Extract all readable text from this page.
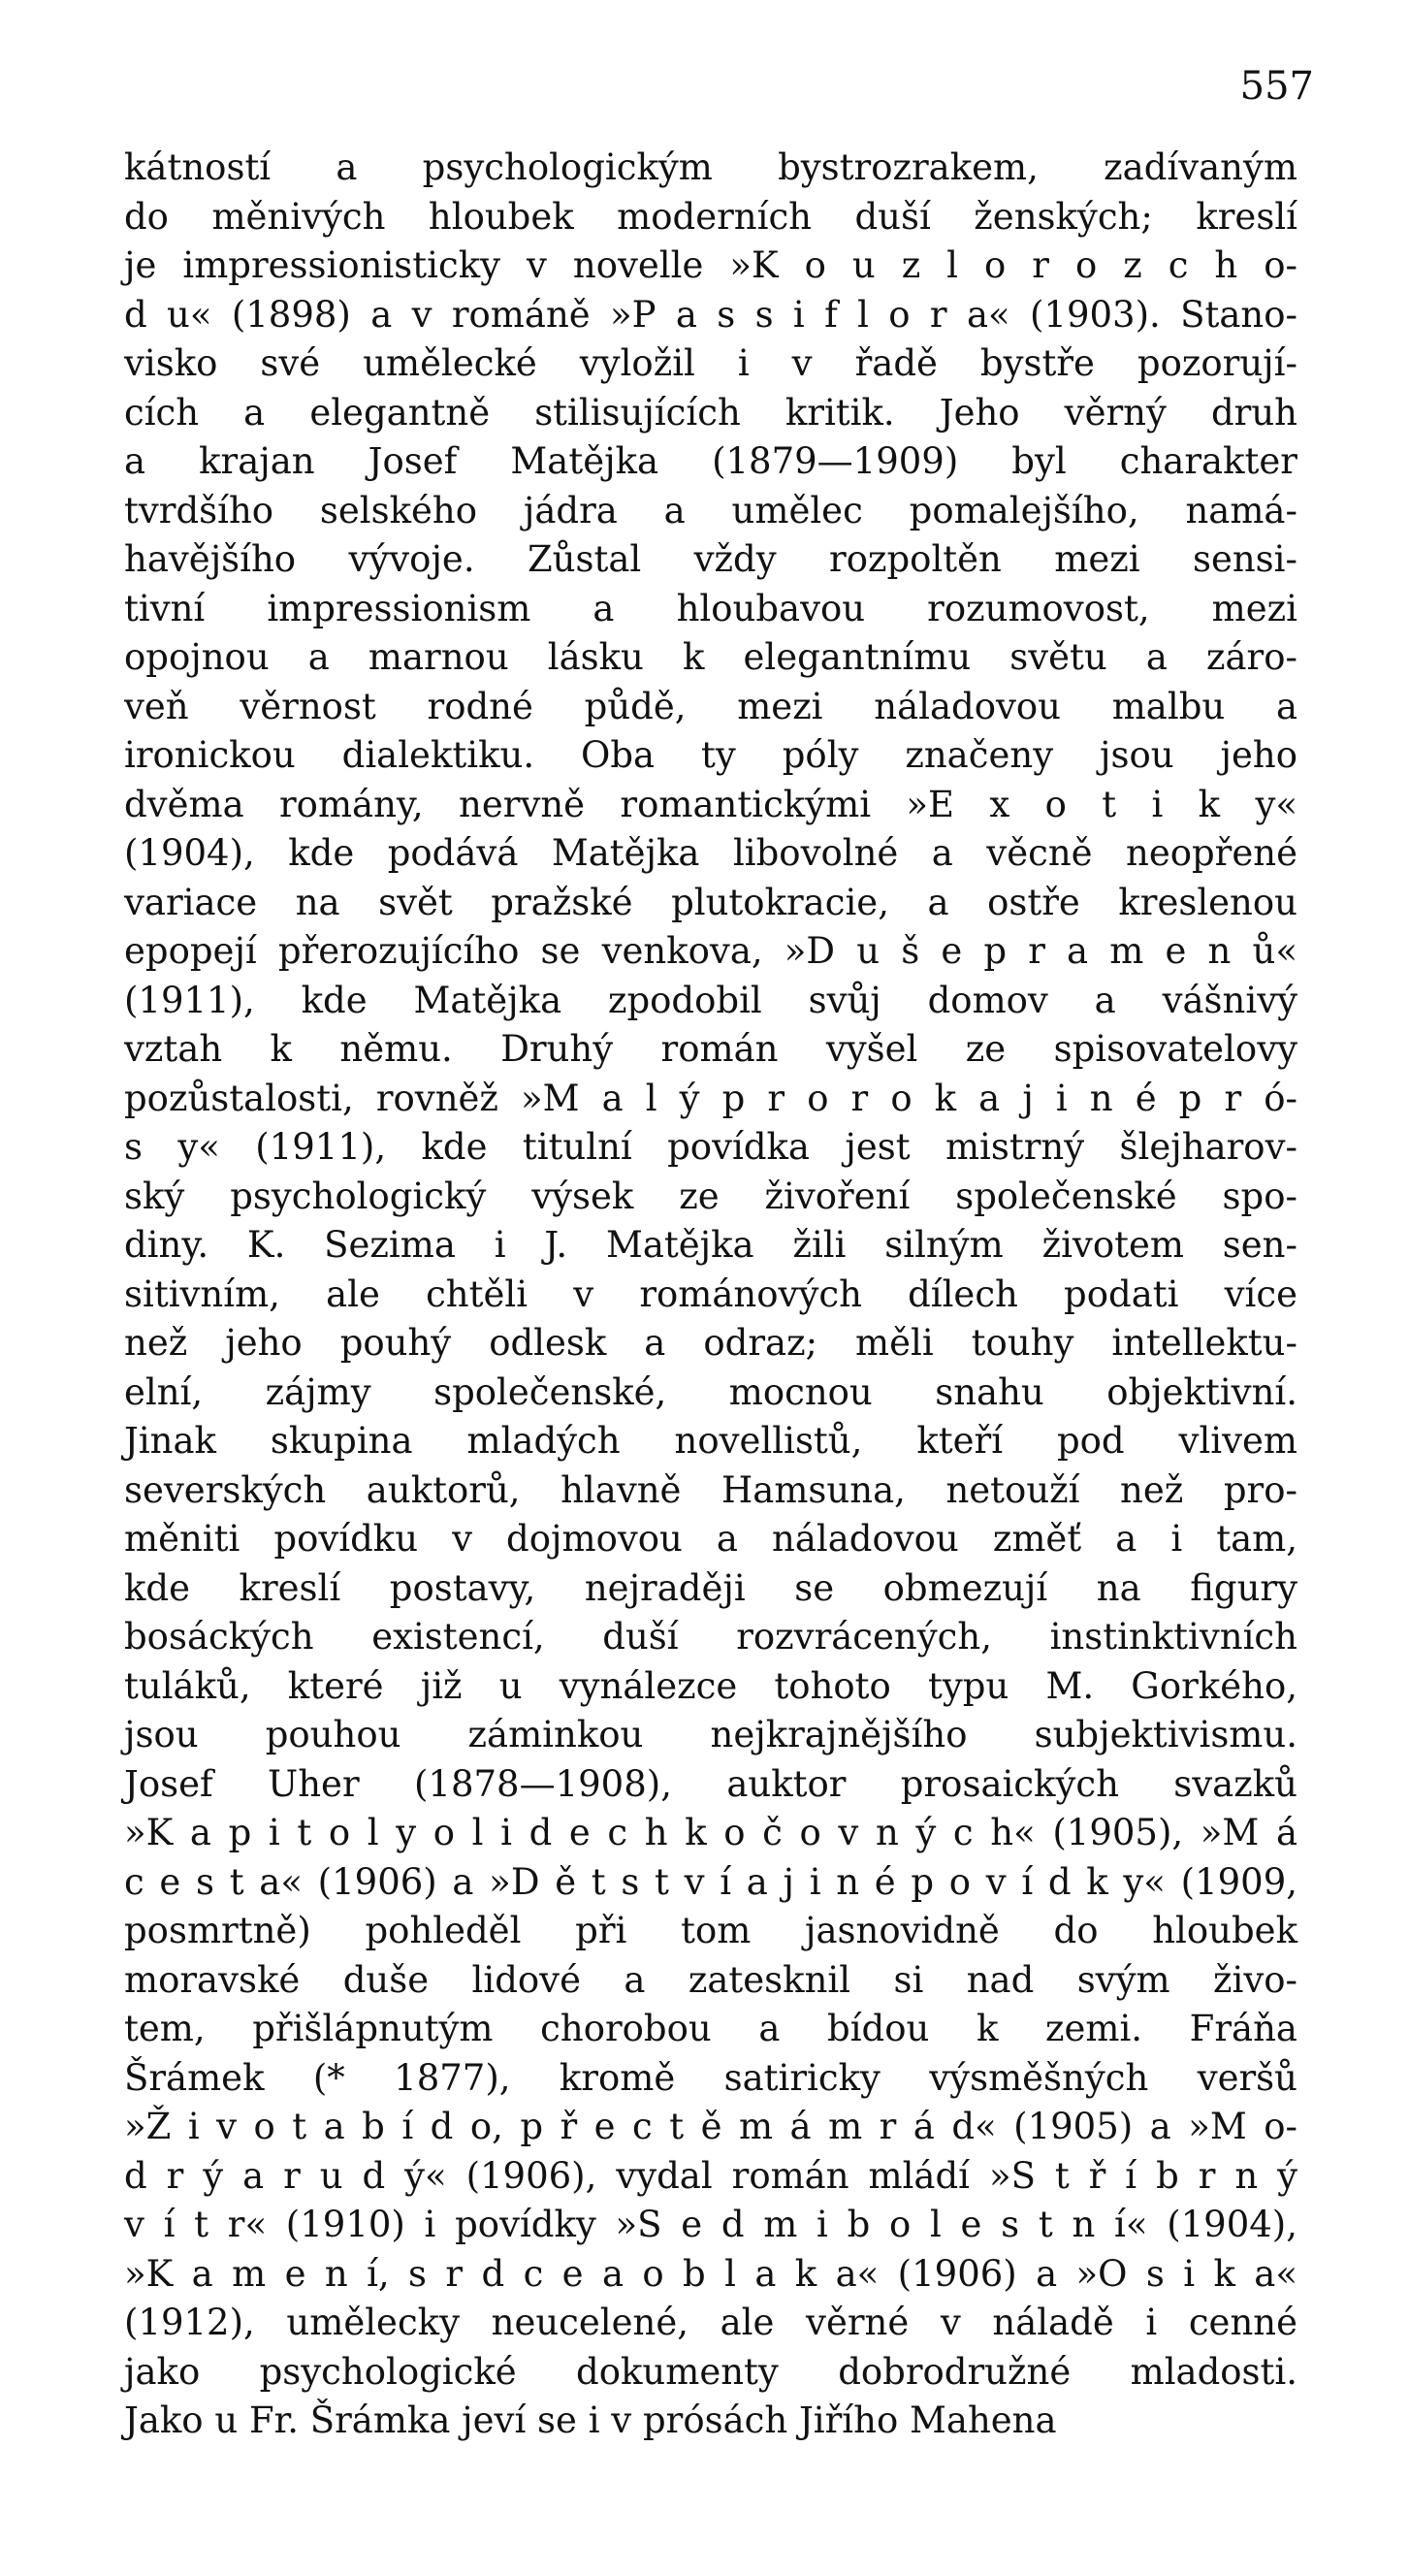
557
kátností a psychologickým bystrozrakem, zadívaným
do měnivých hloubek moderních duší ženských; kreslí
je impressionisticky v novelle »K o u z l o r o z c h o-
d u« (1898) a v románě »P a s s i f l o r a« (1903). Stano-
visko své umělecké vyložil i v řadě bystře pozorují-
cích a elegantně stilisujících kritik. Jeho věrný druh
a krajan Josef Matějka (1879—1909) byl charakter
tvrdšího selského jádra a umělec pomalejšího, namá-
havějšího vývoje. Zůstal vždy rozpoltěn mezi sensi-
tivní impressionism a hloubavou rozumovost, mezi
opojnou a marnou lásku k elegantnímu světu a záro-
veň věrnost rodné půdě, mezi náladovou malbu a
ironickou dialektiku. Oba ty póly značeny jsou jeho
dvěma romány, nervně romantickými »E x o t i k y«
(1904), kde podává Matějka libovolné a věcně neopřené
variace na svět pražské plutokracie, a ostře kreslenou
epopejí přerozujícího se venkova, »D u š e p r a m e n ů«
(1911), kde Matějka zpodobil svůj domov a vášnivý
vztah k němu. Druhý román vyšel ze spisovatelovy
pozůstalosti, rovněž »M a l ý p r o r o k a j i n é p r ó-
s y« (1911), kde titulní povídka jest mistrný šlejharov-
ský psychologický výsek ze živoření společenské spo-
diny. K. Sezima i J. Matějka žili silným životem sen-
sitivním, ale chtěli v románových dílech podati více
než jeho pouhý odlesk a odraz; měli touhy intellektu-
elní, zájmy společenské, mocnou snahu objektivní.
Jinak skupina mladých novellistů, kteří pod vlivem
severských auktorů, hlavně Hamsuna, netouží než pro-
měniti povídku v dojmovou a náladovou změť a i tam,
kde kreslí postavy, nejraději se obmezují na figury
bosáckých existencí, duší rozvrácených, instinktivních
tuláků, které již u vynálezce tohoto typu M. Gorkého,
jsou pouhou záminkou nejkrajnějšího subjektivismu.
Josef Uher (1878—1908), auktor prosaických svazků
»K a p i t o l y o l i d e c h k o č o v n ý c h« (1905), »M á
c e s t a« (1906) a »D ě t s t v í a j i n é p o v í d k y« (1909,
posmrtně) pohleděl při tom jasnovidně do hloubek
moravské duše lidové a zatesknil si nad svým živo-
tem, přišlápnutým chorobou a bídou k zemi. Fráňa
Šrámek (* 1877), kromě satiricky výsměšných veršů
»Ž i v o t a b í d o, p ř e c t ě m á m r á d« (1905) a »M o-
d r ý a r u d ý« (1906), vydal román mládí »S t ř í b r n ý
v í t r« (1910) i povídky »S e d m i b o l e s t n í« (1904),
»K a m e n í, s r d c e a o b l a k a« (1906) a »O s i k a«
(1912), umělecky neucelené, ale věrné v náladě i cenné
jako psychologické dokumenty dobrodružné mladosti.
Jako u Fr. Šrámka jeví se i v prósách Jiřího Mahena
